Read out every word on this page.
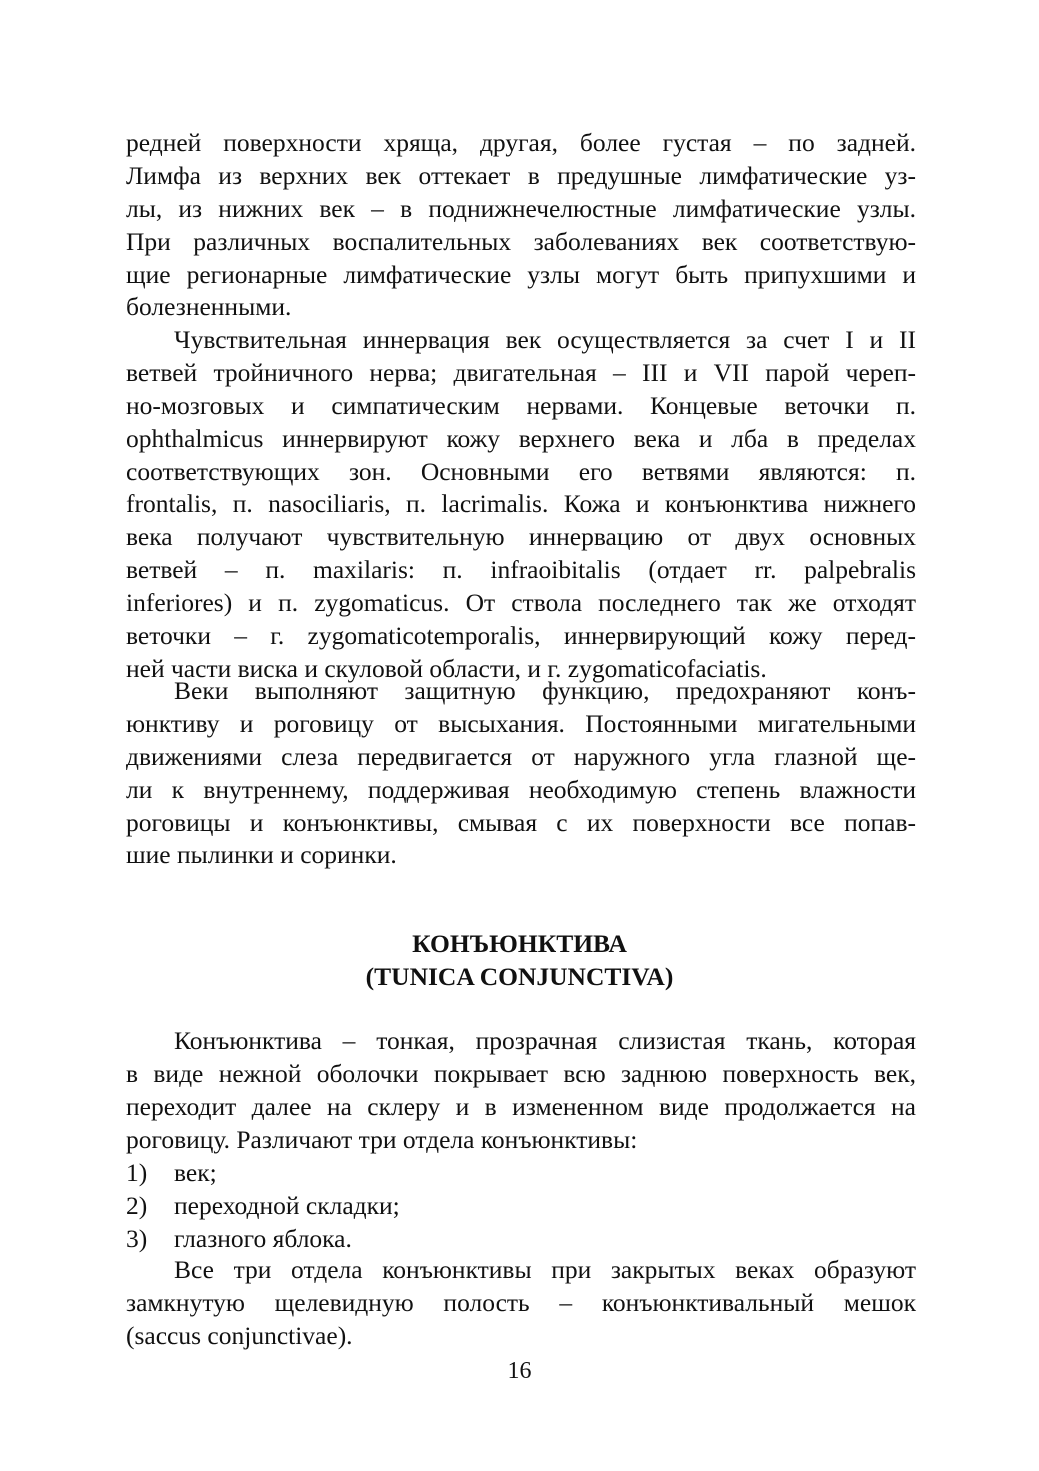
редней поверхности хряща, другая, более густая – по задней.
Лимфа из верхних век оттекает в предушные лимфатические уз-
лы, из нижних век – в поднижнечелюстные лимфатические узлы.
При различных воспалительных заболеваниях век соответствую-
щие регионарные лимфатические узлы могут быть припухшими и
болезненными.
Чувствительная иннервация век осуществляется за счет I и II
ветвей тройничного нерва; двигательная – III и VII парой череп-
но-мозговых и симпатическим нервами. Концевые веточки п.
ophthalmicus иннервируют кожу верхнего века и лба в пределах
соответствующих зон. Основными его ветвями являются: п.
frontalis, п. nasociliaris, п. lacrimalis. Кожа и конъюнктива нижнего
века получают чувствительную иннервацию от двух основных
ветвей – п. maxilaris: п. infraoibitalis (отдает rr. palpebralis
inferiores) и п. zygomaticus. От ствола последнего так же отходят
веточки – г. zygomaticotemporalis, иннервирующий кожу перед-
ней части виска и скуловой области, и г. zygomaticofaciatis.
Веки выполняют защитную функцию, предохраняют конъ-
юнктиву и роговицу от высыхания. Постоянными мигательными
движениями слеза передвигается от наружного угла глазной ще-
ли к внутреннему, поддерживая необходимую степень влажности
роговицы и конъюнктивы, смывая с их поверхности все попав-
шие пылинки и соринки.
КОНЪЮНКТИВА
(TUNICA CONJUNCTIVA)
Конъюнктива – тонкая, прозрачная слизистая ткань, которая
в виде нежной оболочки покрывает всю заднюю поверхность век,
переходит далее на склеру и в измененном виде продолжается на
роговицу. Различают три отдела конъюнктивы:
1) век;
2) переходной складки;
3) глазного яблока.
Все три отдела конъюнктивы при закрытых веках образуют
замкнутую щелевидную полость – конъюнктивальный мешок
(saccus conjunctivae).
16
